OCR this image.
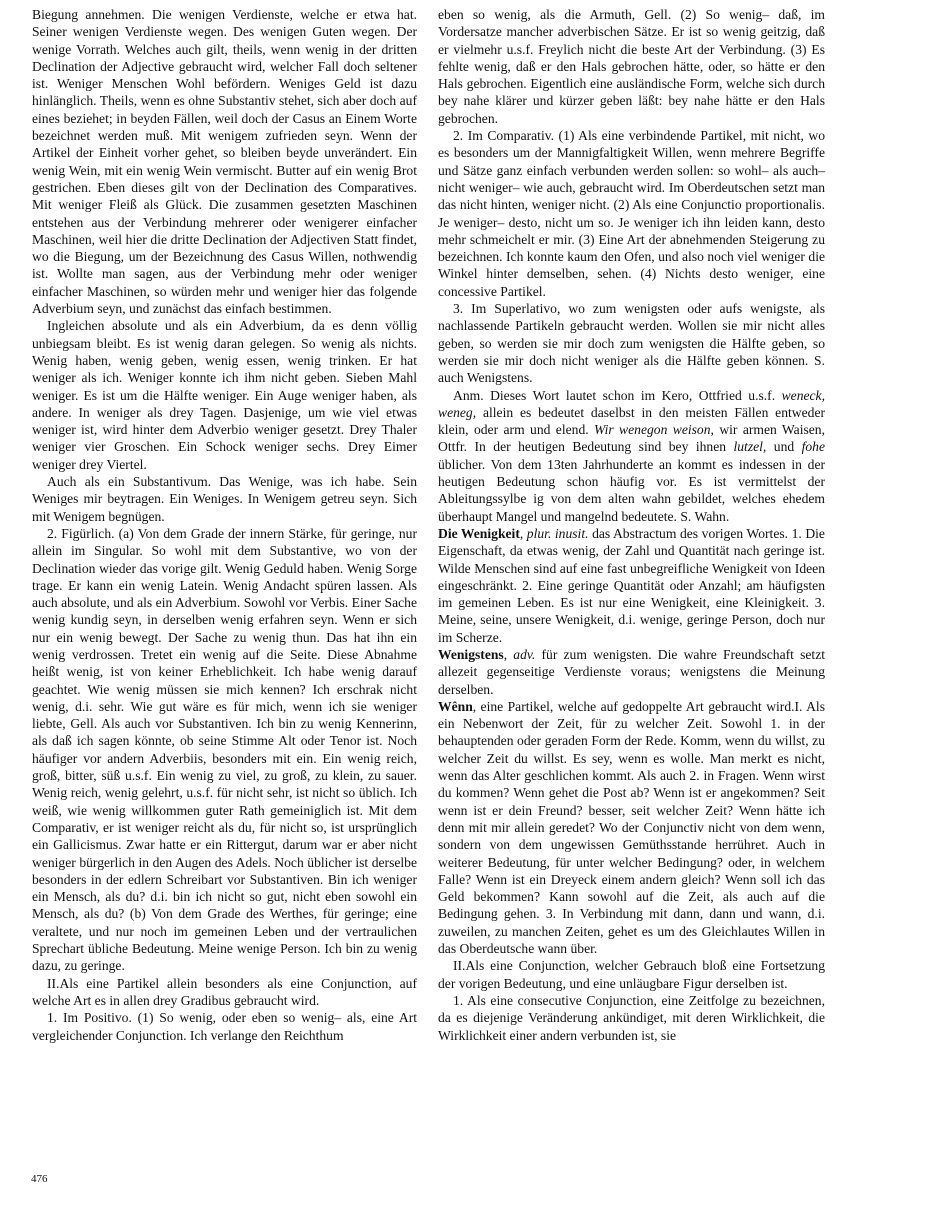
Biegung annehmen. Die wenigen Verdienste, welche er etwa hat. Seiner wenigen Verdienste wegen. Des wenigen Guten wegen. Der wenige Vorrath. Welches auch gilt, theils, wenn wenig in der dritten Declination der Adjective gebraucht wird, welcher Fall doch seltener ist. Weniger Menschen Wohl befördern. Weniges Geld ist dazu hinlänglich. Theils, wenn es ohne Substantiv stehet, sich aber doch auf eines beziehet; in beyden Fällen, weil doch der Casus an Einem Worte bezeichnet werden muß. Mit wenigem zufrieden seyn. Wenn der Artikel der Einheit vorher gehet, so bleiben beyde unverändert. Ein wenig Wein, mit ein wenig Wein vermischt. Butter auf ein wenig Brot gestrichen. Eben dieses gilt von der Declination des Comparatives. Mit weniger Fleiß als Glück. Die zusammen gesetzten Maschinen entstehen aus der Verbindung mehrerer oder wenigerer einfacher Maschinen, weil hier die dritte Declination der Adjectiven Statt findet, wo die Biegung, um der Bezeichnung des Casus Willen, nothwendig ist. Wollte man sagen, aus der Verbindung mehr oder weniger einfacher Maschinen, so würden mehr und weniger hier das folgende Adverbium seyn, und zunächst das einfach bestimmen.

Ingleichen absolute und als ein Adverbium, da es denn völlig unbiegsam bleibt. Es ist wenig daran gelegen. So wenig als nichts. Wenig haben, wenig geben, wenig essen, wenig trinken. Er hat weniger als ich. Weniger konnte ich ihm nicht geben. Sieben Mahl weniger. Es ist um die Hälfte weniger. Ein Auge weniger haben, als andere. In weniger als drey Tagen. Dasjenige, um wie viel etwas weniger ist, wird hinter dem Adverbio weniger gesetzt. Drey Thaler weniger vier Groschen. Ein Schock weniger sechs. Drey Eimer weniger drey Viertel.

Auch als ein Substantivum. Das Wenige, was ich habe. Sein Weniges mir beytragen. Ein Weniges. In Wenigem getreu seyn. Sich mit Wenigem begnügen.

2. Figürlich. (a) Von dem Grade der innern Stärke, für geringe, nur allein im Singular. So wohl mit dem Substantive, wo von der Declination wieder das vorige gilt. Wenig Geduld haben. Wenig Sorge trage. Er kann ein wenig Latein. Wenig Andacht spüren lassen. Als auch absolute, und als ein Adverbium. Sowohl vor Verbis. Einer Sache wenig kundig seyn, in derselben wenig erfahren seyn. Wenn er sich nur ein wenig bewegt. Der Sache zu wenig thun. Das hat ihn ein wenig verdrossen. Tretet ein wenig auf die Seite. Diese Abnahme heißt wenig, ist von keiner Erheblichkeit. Ich habe wenig darauf geachtet. Wie wenig müssen sie mich kennen? Ich erschrak nicht wenig, d.i. sehr. Wie gut wäre es für mich, wenn ich sie weniger liebte, Gell. Als auch vor Substantiven. Ich bin zu wenig Kennerinn, als daß ich sagen könnte, ob seine Stimme Alt oder Tenor ist. Noch häufiger vor andern Adverbiis, besonders mit ein. Ein wenig reich, groß, bitter, süß u.s.f. Ein wenig zu viel, zu groß, zu klein, zu sauer. Wenig reich, wenig gelehrt, u.s.f. für nicht sehr, ist nicht so üblich. Ich weiß, wie wenig willkommen guter Rath gemeiniglich ist. Mit dem Comparativ, er ist weniger reicht als du, für nicht so, ist ursprünglich ein Gallicismus. Zwar hatte er ein Rittergut, darum war er aber nicht weniger bürgerlich in den Augen des Adels. Noch üblicher ist derselbe besonders in der edlern Schreibart vor Substantiven. Bin ich weniger ein Mensch, als du? d.i. bin ich nicht so gut, nicht eben sowohl ein Mensch, als du? (b) Von dem Grade des Werthes, für geringe; eine veraltete, und nur noch im gemeinen Leben und der vertraulichen Sprechart übliche Bedeutung. Meine wenige Person. Ich bin zu wenig dazu, zu geringe.

II.Als eine Partikel allein besonders als eine Conjunction, auf welche Art es in allen drey Gradibus gebraucht wird.

1. Im Positivo. (1) So wenig, oder eben so wenig– als, eine Art vergleichender Conjunction. Ich verlange den Reichthum

eben so wenig, als die Armuth, Gell. (2) So wenig– daß, im Vordersatze mancher adverbischen Sätze. Er ist so wenig geitzig, daß er vielmehr u.s.f. Freylich nicht die beste Art der Verbindung. (3) Es fehlte wenig, daß er den Hals gebrochen hätte, oder, so hätte er den Hals gebrochen. Eigentlich eine ausländische Form, welche sich durch bey nahe klärer und kürzer geben läßt: bey nahe hätte er den Hals gebrochen.

2. Im Comparativ. (1) Als eine verbindende Partikel, mit nicht, wo es besonders um der Mannigfaltigkeit Willen, wenn mehrere Begriffe und Sätze ganz einfach verbunden werden sollen: so wohl– als auch– nicht weniger– wie auch, gebraucht wird. Im Oberdeutschen setzt man das nicht hinten, weniger nicht. (2) Als eine Conjunctio proportionalis. Je weniger– desto, nicht um so. Je weniger ich ihn leiden kann, desto mehr schmeichelt er mir. (3) Eine Art der abnehmenden Steigerung zu bezeichnen. Ich konnte kaum den Ofen, und also noch viel weniger die Winkel hinter demselben, sehen. (4) Nichts desto weniger, eine concessive Partikel.

3. Im Superlativo, wo zum wenigsten oder aufs wenigste, als nachlassende Partikeln gebraucht werden. Wollen sie mir nicht alles geben, so werden sie mir doch zum wenigsten die Hälfte geben, so werden sie mir doch nicht weniger als die Hälfte geben können. S. auch Wenigstens.

Anm. Dieses Wort lautet schon im Kero, Ottfried u.s.f. weneck, weneg, allein es bedeutet daselbst in den meisten Fällen entweder klein, oder arm und elend. Wir wenegon weison, wir armen Waisen, Ottfr. In der heutigen Bedeutung sind bey ihnen lutzel, und fohe üblicher. Von dem 13ten Jahrhunderte an kommt es indessen in der heutigen Bedeutung schon häufig vor. Es ist vermittelst der Ableitungssylbe ig von dem alten wahn gebildet, welches ehedem überhaupt Mangel und mangelnd bedeutete. S. Wahn.

Die Wenigkeit, plur. inusit. das Abstractum des vorigen Wortes. 1. Die Eigenschaft, da etwas wenig, der Zahl und Quantität nach geringe ist. Wilde Menschen sind auf eine fast unbegreifliche Wenigkeit von Ideen eingeschränkt. 2. Eine geringe Quantität oder Anzahl; am häufigsten im gemeinen Leben. Es ist nur eine Wenigkeit, eine Kleinigkeit. 3. Meine, seine, unsere Wenigkeit, d.i. wenige, geringe Person, doch nur im Scherze.

Wenigstens, adv. für zum wenigsten. Die wahre Freundschaft setzt allezeit gegenseitige Verdienste voraus; wenigstens die Meinung derselben.

Wênn, eine Partikel, welche auf gedoppelte Art gebraucht wird.I. Als ein Nebenwort der Zeit, für zu welcher Zeit. Sowohl 1. in der behauptenden oder geraden Form der Rede. Komm, wenn du willst, zu welcher Zeit du willst. Es sey, wenn es wolle. Man merkt es nicht, wenn das Alter geschlichen kommt. Als auch 2. in Fragen. Wenn wirst du kommen? Wenn gehet die Post ab? Wenn ist er angekommen? Seit wenn ist er dein Freund? besser, seit welcher Zeit? Wenn hätte ich denn mit mir allein geredet? Wo der Conjunctiv nicht von dem wenn, sondern von dem ungewissen Gemüthsstande herrühret. Auch in weiterer Bedeutung, für unter welcher Bedingung? oder, in welchem Falle? Wenn ist ein Dreyeck einem andern gleich? Wenn soll ich das Geld bekommen? Kann sowohl auf die Zeit, als auch auf die Bedingung gehen. 3. In Verbindung mit dann, dann und wann, d.i. zuweilen, zu manchen Zeiten, gehet es um des Gleichlautes Willen in das Oberdeutsche wann über.

II.Als eine Conjunction, welcher Gebrauch bloß eine Fortsetzung der vorigen Bedeutung, und eine unläugbare Figur derselben ist.

1. Als eine consecutive Conjunction, eine Zeitfolge zu bezeichnen, da es diejenige Veränderung ankündiget, mit deren Wirklichkeit, die Wirklichkeit einer andern verbunden ist, sie

476
